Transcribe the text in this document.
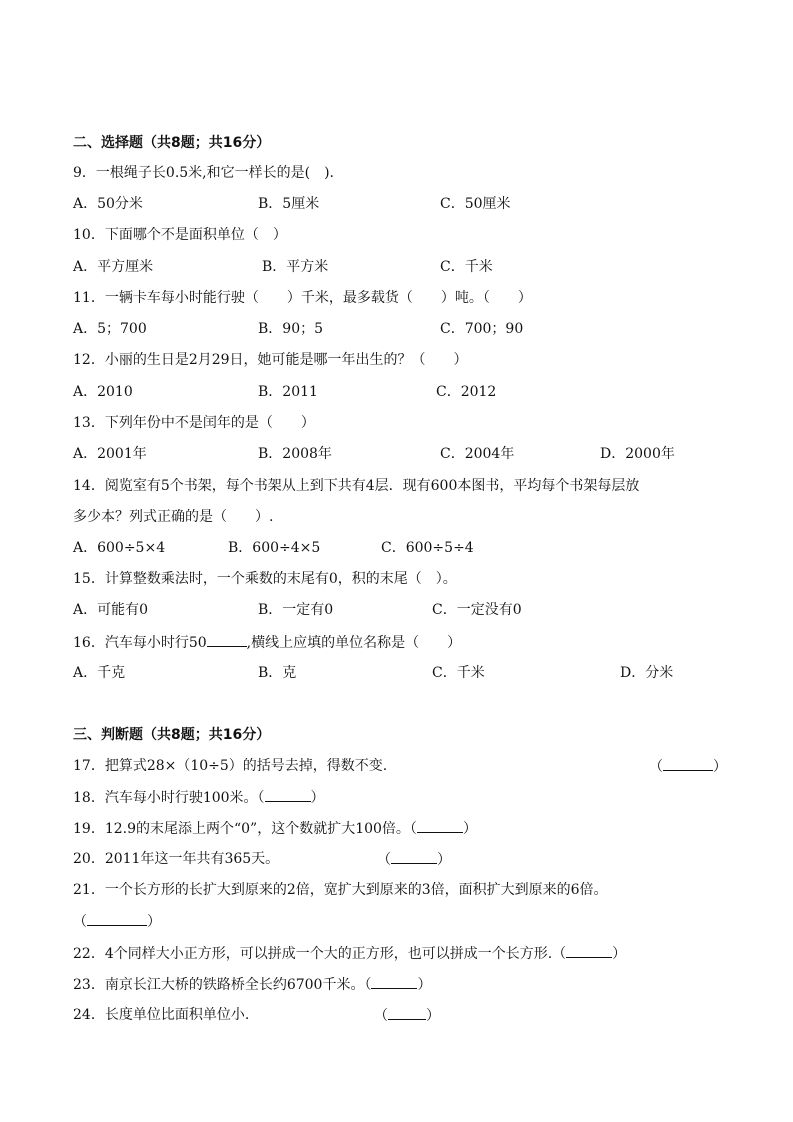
二、选择题（共8题；共16分）
9．一根绳子长0.5米,和它一样长的是(　).
A．50分米	B．5厘米	C．50厘米
10．下面哪个不是面积单位（　）
A．平方厘米	B．平方米	C．千米
11．一辆卡车每小时能行驶（　　）千米，最多载货（　　）吨。（　　）
A．5；700	B．90；5	C．700；90
12．小丽的生日是2月29日，她可能是哪一年出生的？（　　）
A．2010	B．2011	C．2012
13．下列年份中不是闰年的是（　　）
A．2001年	B．2008年	C．2004年	D．2000年
14．阅览室有5个书架，每个书架从上到下共有4层．现有600本图书，平均每个书架每层放
多少本？列式正确的是（　　）.
A．600÷5×4	B．600÷4×5	C．600÷5÷4
15．计算整数乘法时，一个乘数的末尾有0，积的末尾（　）。
A．可能有0	B．一定有0	C．一定没有0
16．汽车每小时行50	,横线上应填的单位名称是（　　）
A．千克	B．克	C．千米	D．分米
三、判断题（共8题；共16分）
17．把算式28×（10÷5）的括号去掉，得数不变.	（	）
18．汽车每小时行驶100米。（	）
19．12.9的末尾添上两个“0”，这个数就扩大100倍。（	）
20．2011年这一年共有365天。	（	）
21．一个长方形的长扩大到原来的2倍，宽扩大到原来的3倍，面积扩大到原来的6倍。
（	）
22．4个同样大小正方形，可以拼成一个大的正方形，也可以拼成一个长方形.（	）
23．南京长江大桥的铁路桥全长约6700千米。（	）
24．长度单位比面积单位小.	（	）
